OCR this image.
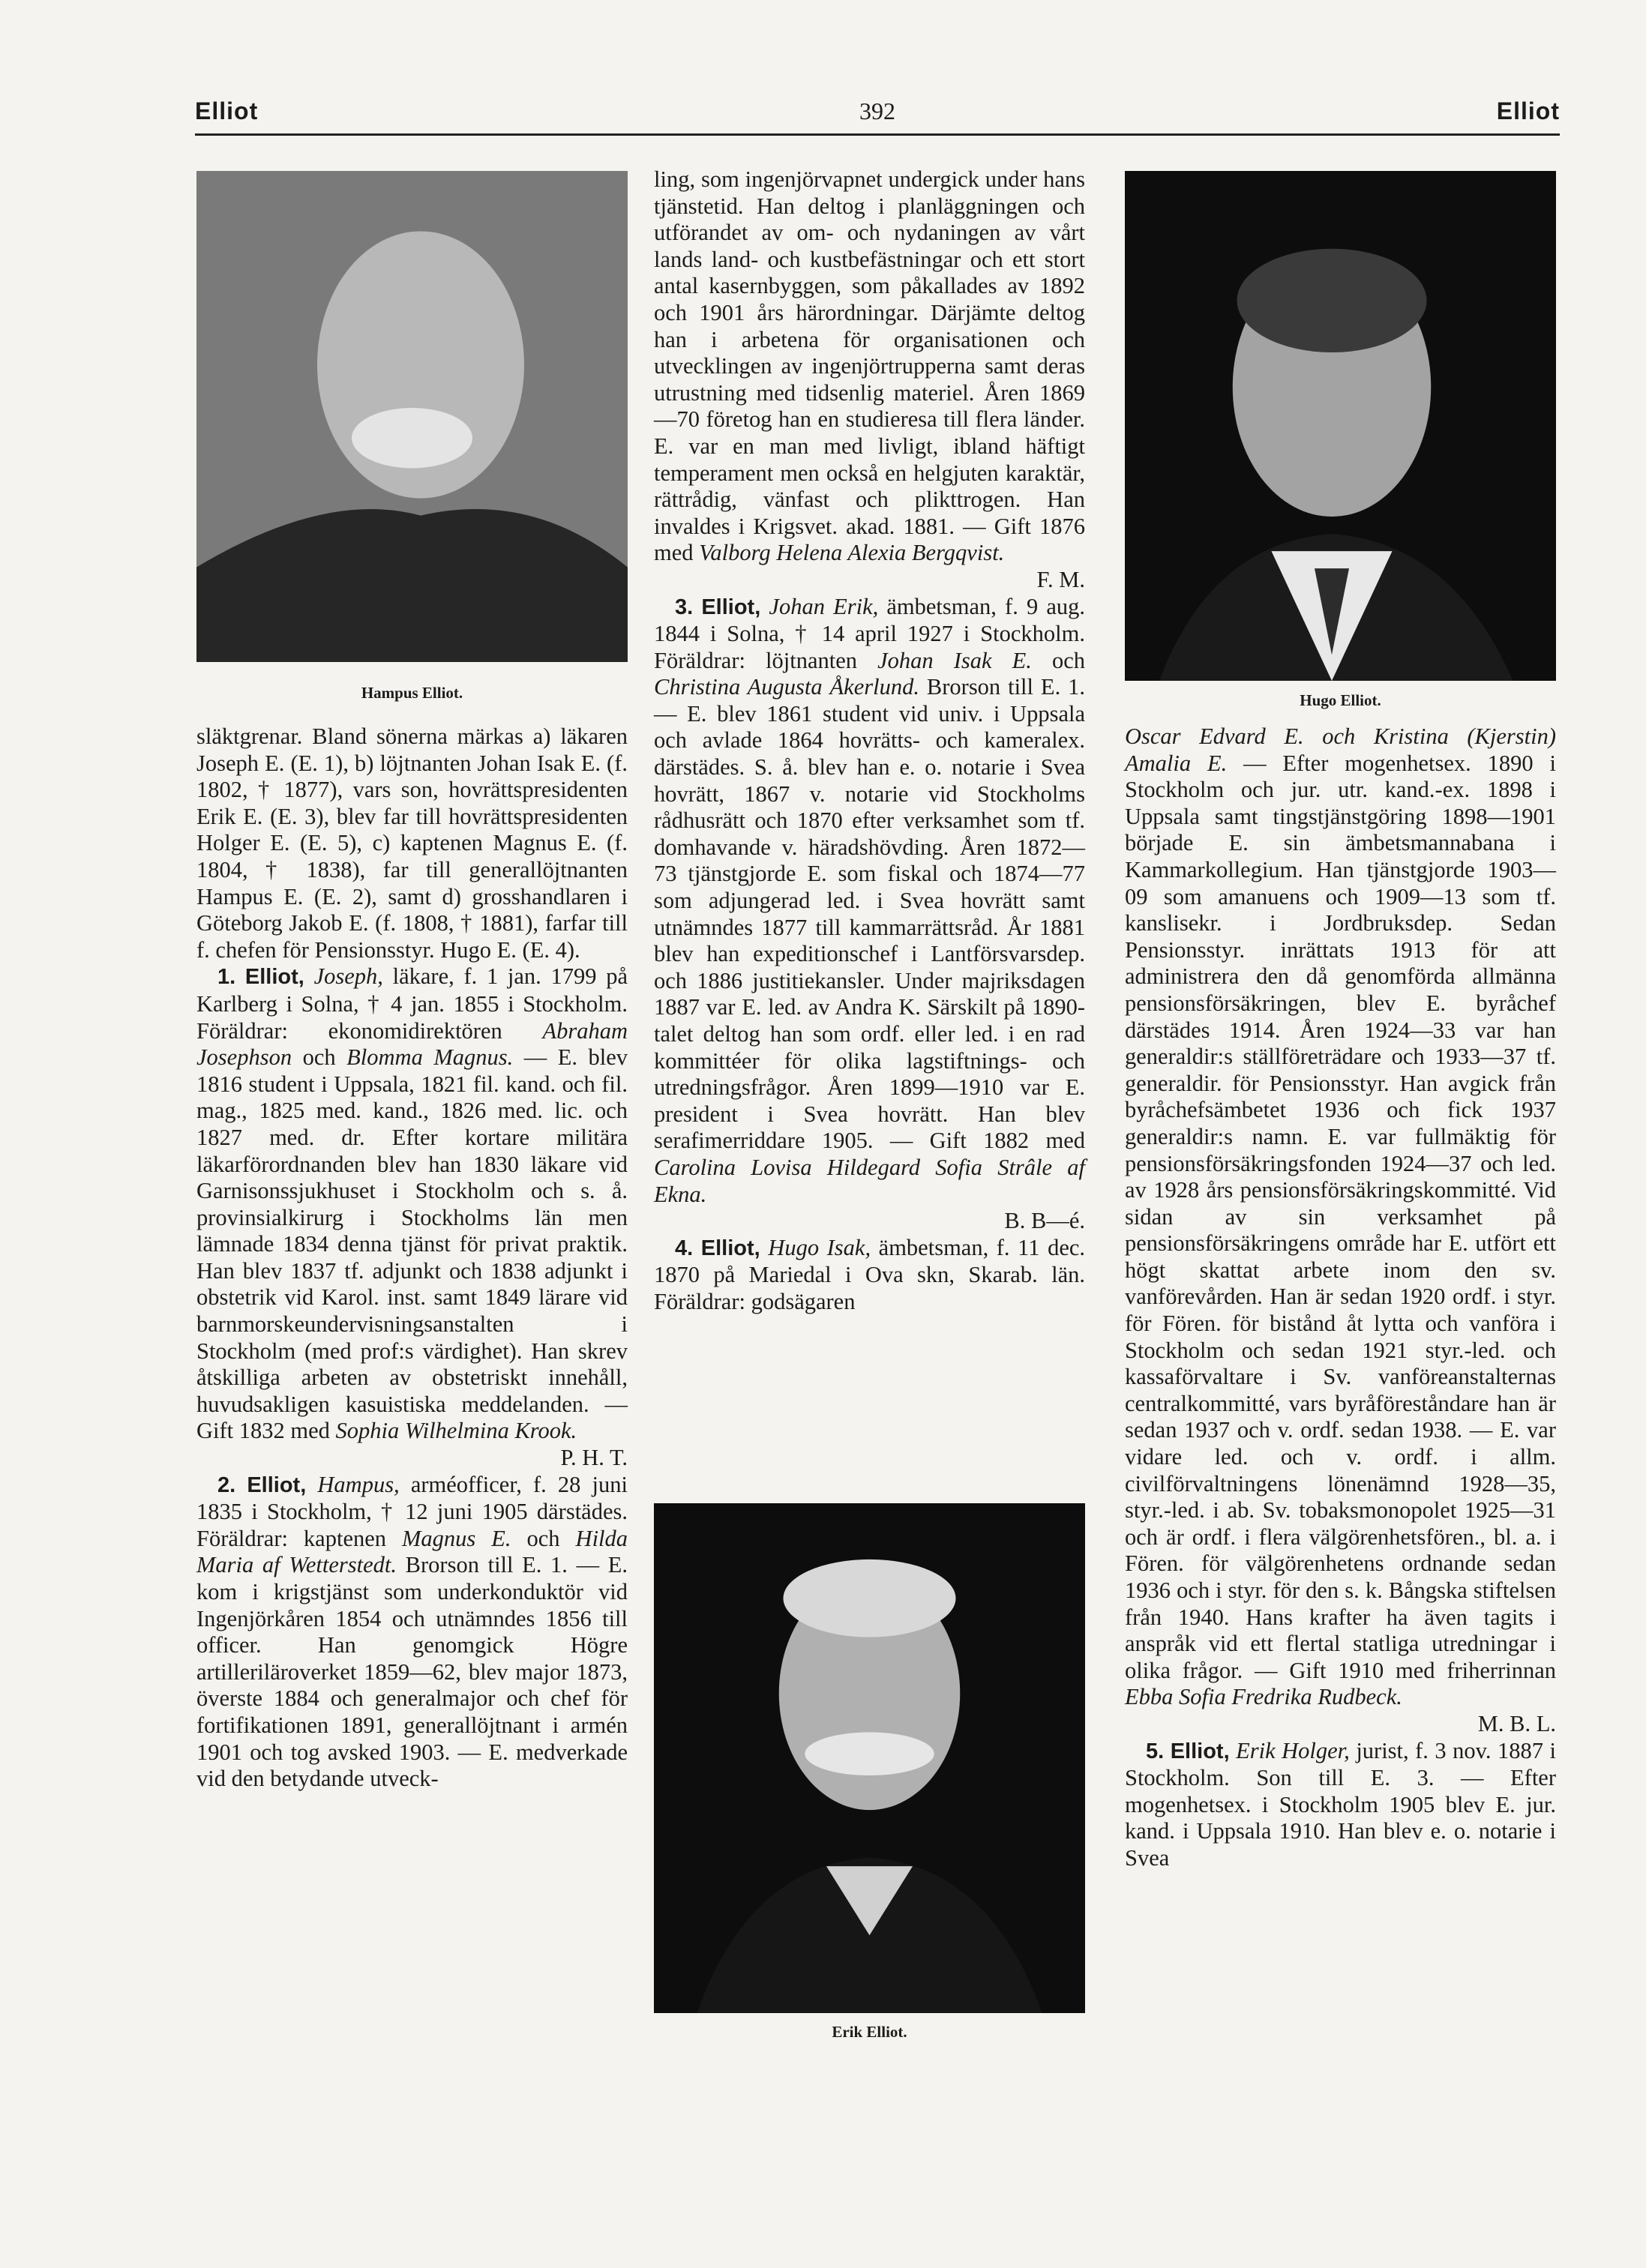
Elliot	392	Elliot
Hampus Elliot.	Hugo Elliot.
Erik Elliot.

släktgrenar. Bland sönerna märkas a) läkaren Joseph E. (E. 1), b) löjtnanten Johan Isak E. (f. 1802, † 1877), vars son, hovrättspresidenten Erik E. (E. 3), blev far till hovrättspresidenten Holger E. (E. 5), c) kaptenen Magnus E. (f. 1804, † 1838), far till generallöjtnanten Hampus E. (E. 2), samt d) grosshandlaren i Göteborg Jakob E. (f. 1808, † 1881), farfar till f. chefen för Pensionsstyr. Hugo E. (E. 4).

1. Elliot, Joseph, läkare, f. 1 jan. 1799 på Karlberg i Solna, † 4 jan. 1855 i Stockholm. Föräldrar: ekonomidirektören Abraham Josephson och Blomma Magnus. — E. blev 1816 student i Uppsala, 1821 fil. kand. och fil. mag., 1825 med. kand., 1826 med. lic. och 1827 med. dr. Efter kortare militära läkarförordnanden blev han 1830 läkare vid Garnisonssjukhuset i Stockholm och s. å. provinsialkirurg i Stockholms län men lämnade 1834 denna tjänst för privat praktik. Han blev 1837 tf. adjunkt och 1838 adjunkt i obstetrik vid Karol. inst. samt 1849 lärare vid barnmorskeundervisningsanstalten i Stockholm (med prof:s värdighet). Han skrev åtskilliga arbeten av obstetriskt innehåll, huvudsakligen kasuistiska meddelanden. — Gift 1832 med Sophia Wilhelmina Krook.
P. H. T.

2. Elliot, Hampus, arméofficer, f. 28 juni 1835 i Stockholm, † 12 juni 1905 därstädes. Föräldrar: kaptenen Magnus E. och Hilda Maria af Wetterstedt. Brorson till E. 1. — E. kom i krigstjänst som underkonduktör vid Ingenjörkåren 1854 och utnämndes 1856 till officer. Han genomgick Högre artilleriläroverket 1859—62, blev major 1873, överste 1884 och generalmajor och chef för fortifikationen 1891, generallöjtnant i armén 1901 och tog avsked 1903. — E. medverkade vid den betydande utveck-

ling, som ingenjörvapnet undergick under hans tjänstetid. Han deltog i planläggningen och utförandet av om- och nydaningen av vårt lands land- och kustbefästningar och ett stort antal kasernbyggen, som påkallades av 1892 och 1901 års härordningar. Därjämte deltog han i arbetena för organisationen och utvecklingen av ingenjörtrupperna samt deras utrustning med tidsenlig materiel. Åren 1869—70 företog han en studieresa till flera länder. E. var en man med livligt, ibland häftigt temperament men också en helgjuten karaktär, rättrådig, vänfast och plikttrogen. Han invaldes i Krigsvet. akad. 1881. — Gift 1876 med Valborg Helena Alexia Bergqvist.
F. M.

3. Elliot, Johan Erik, ämbetsman, f. 9 aug. 1844 i Solna, † 14 april 1927 i Stockholm. Föräldrar: löjtnanten Johan Isak E. och Christina Augusta Åkerlund. Brorson till E. 1. — E. blev 1861 student vid univ. i Uppsala och avlade 1864 hovrätts- och kameralex. därstädes. S. å. blev han e. o. notarie i Svea hovrätt, 1867 v. notarie vid Stockholms rådhusrätt och 1870 efter verksamhet som tf. domhavande v. häradshövding. Åren 1872—73 tjänstgjorde E. som fiskal och 1874—77 som adjungerad led. i Svea hovrätt samt utnämndes 1877 till kammarrättsråd. År 1881 blev han expeditionschef i Lantförsvarsdep. och 1886 justitiekansler. Under majriksdagen 1887 var E. led. av Andra K. Särskilt på 1890-talet deltog han som ordf. eller led. i en rad kommittéer för olika lagstiftnings- och utredningsfrågor. Åren 1899—1910 var E. president i Svea hovrätt. Han blev serafimerriddare 1905. — Gift 1882 med Carolina Lovisa Hildegard Sofia Strâle af Ekna.
B. B—é.

4. Elliot, Hugo Isak, ämbetsman, f. 11 dec. 1870 på Mariedal i Ova skn, Skarab. län. Föräldrar: godsägaren

Oscar Edvard E. och Kristina (Kjerstin) Amalia E. — Efter mogenhetsex. 1890 i Stockholm och jur. utr. kand.-ex. 1898 i Uppsala samt tingstjänstgöring 1898—1901 började E. sin ämbetsmannabana i Kammarkollegium. Han tjänstgjorde 1903—09 som amanuens och 1909—13 som tf. kanslisekr. i Jordbruksdep. Sedan Pensionsstyr. inrättats 1913 för att administrera den då genomförda allmänna pensionsförsäkringen, blev E. byråchef därstädes 1914. Åren 1924—33 var han generaldir:s ställföreträdare och 1933—37 tf. generaldir. för Pensionsstyr. Han avgick från byråchefsämbetet 1936 och fick 1937 generaldir:s namn. E. var fullmäktig för pensionsförsäkringsfonden 1924—37 och led. av 1928 års pensionsförsäkringskommitté. Vid sidan av sin verksamhet på pensionsförsäkringens område har E. utfört ett högt skattat arbete inom den sv. vanförevården. Han är sedan 1920 ordf. i styr. för Fören. för bistånd åt lytta och vanföra i Stockholm och sedan 1921 styr.-led. och kassaförvaltare i Sv. vanföreanstalternas centralkommitté, vars byråföreståndare han är sedan 1937 och v. ordf. sedan 1938. — E. var vidare led. och v. ordf. i allm. civilförvaltningens lönenämnd 1928—35, styr.-led. i ab. Sv. tobaksmonopolet 1925—31 och är ordf. i flera välgörenhetsfören., bl. a. i Fören. för välgörenhetens ordnande sedan 1936 och i styr. för den s. k. Bångska stiftelsen från 1940. Hans krafter ha även tagits i anspråk vid ett flertal statliga utredningar i olika frågor. — Gift 1910 med friherrinnan Ebba Sofia Fredrika Rudbeck.
M. B. L.

5. Elliot, Erik Holger, jurist, f. 3 nov. 1887 i Stockholm. Son till E. 3. — Efter mogenhetsex. i Stockholm 1905 blev E. jur. kand. i Uppsala 1910. Han blev e. o. notarie i Svea
